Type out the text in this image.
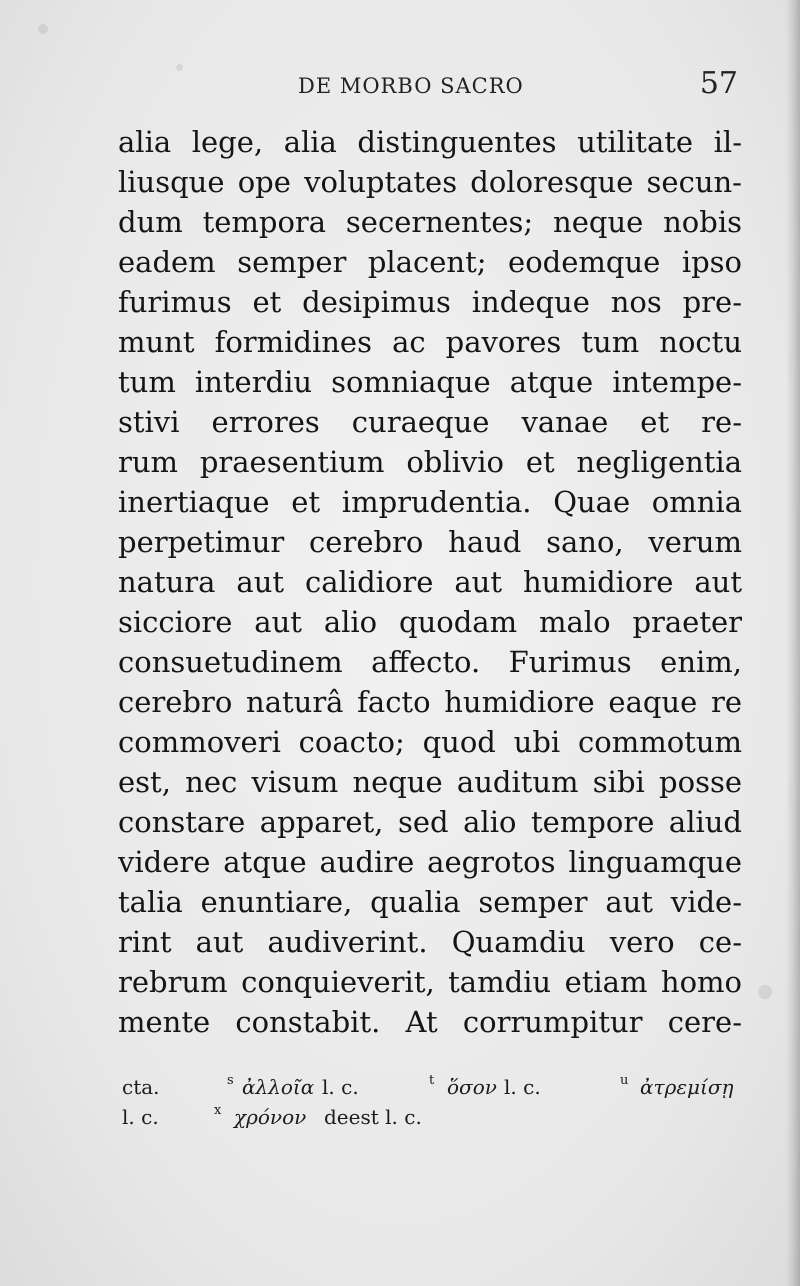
DE MORBO SACRO	57
alia lege, alia distinguentes utilitate il-
liusque ope voluptates doloresque secun-
dum tempora secernentes; neque nobis
eadem semper placent; eodemque ipso
furimus et desipimus indeque nos pre-
munt formidines ac pavores tum noctu
tum interdiu somniaque atque intempe-
stivi errores curaeque vanae et re-
rum praesentium oblivio et negligentia
inertiaque et imprudentia. Quae omnia
perpetimur cerebro haud sano, verum
natura aut calidiore aut humidiore aut
sicciore aut alio quodam malo praeter
consuetudinem affecto. Furimus enim,
cerebro naturâ facto humidiore eaque re
commoveri coacto; quod ubi commotum
est, nec visum neque auditum sibi posse
constare apparet, sed alio tempore aliud
videre atque audire aegrotos linguamque
talia enuntiare, qualia semper aut vide-
rint aut audiverint. Quamdiu vero ce-
rebrum conquieverit, tamdiu etiam homo
mente constabit. At corrumpitur cere-
cta.	s ἀλλοῖα l. c.	t ὅσον l. c.	u ἀτρεμίσῃ
l. c.	x χρόνον deest l. c.
